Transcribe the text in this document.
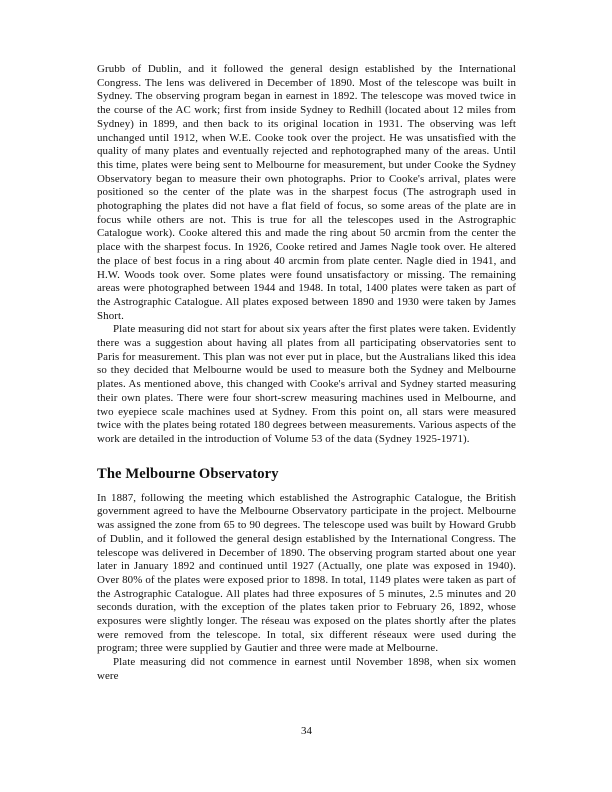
Grubb of Dublin, and it followed the general design established by the International Congress. The lens was delivered in December of 1890. Most of the telescope was built in Sydney. The observing program began in earnest in 1892. The telescope was moved twice in the course of the AC work; first from inside Sydney to Redhill (located about 12 miles from Sydney) in 1899, and then back to its original location in 1931. The observing was left unchanged until 1912, when W.E. Cooke took over the project. He was unsatisfied with the quality of many plates and eventually rejected and rephotographed many of the areas. Until this time, plates were being sent to Melbourne for measurement, but under Cooke the Sydney Observatory began to measure their own photographs. Prior to Cooke's arrival, plates were positioned so the center of the plate was in the sharpest focus (The astrograph used in photographing the plates did not have a flat field of focus, so some areas of the plate are in focus while others are not. This is true for all the telescopes used in the Astrographic Catalogue work). Cooke altered this and made the ring about 50 arcmin from the center the place with the sharpest focus. In 1926, Cooke retired and James Nagle took over. He altered the place of best focus in a ring about 40 arcmin from plate center. Nagle died in 1941, and H.W. Woods took over. Some plates were found unsatisfactory or missing. The remaining areas were photographed between 1944 and 1948. In total, 1400 plates were taken as part of the Astrographic Catalogue. All plates exposed between 1890 and 1930 were taken by James Short.

Plate measuring did not start for about six years after the first plates were taken. Evidently there was a suggestion about having all plates from all participating observatories sent to Paris for measurement. This plan was not ever put in place, but the Australians liked this idea so they decided that Melbourne would be used to measure both the Sydney and Melbourne plates. As mentioned above, this changed with Cooke's arrival and Sydney started measuring their own plates. There were four short-screw measuring machines used in Melbourne, and two eyepiece scale machines used at Sydney. From this point on, all stars were measured twice with the plates being rotated 180 degrees between measurements. Various aspects of the work are detailed in the introduction of Volume 53 of the data (Sydney 1925-1971).

The Melbourne Observatory

In 1887, following the meeting which established the Astrographic Catalogue, the British government agreed to have the Melbourne Observatory participate in the project. Melbourne was assigned the zone from 65 to 90 degrees. The telescope used was built by Howard Grubb of Dublin, and it followed the general design established by the International Congress. The telescope was delivered in December of 1890. The observing program started about one year later in January 1892 and continued until 1927 (Actually, one plate was exposed in 1940). Over 80% of the plates were exposed prior to 1898. In total, 1149 plates were taken as part of the Astrographic Catalogue. All plates had three exposures of 5 minutes, 2.5 minutes and 20 seconds duration, with the exception of the plates taken prior to February 26, 1892, whose exposures were slightly longer. The réseau was exposed on the plates shortly after the plates were removed from the telescope. In total, six different réseaux were used during the program; three were supplied by Gautier and three were made at Melbourne.

Plate measuring did not commence in earnest until November 1898, when six women were

34
